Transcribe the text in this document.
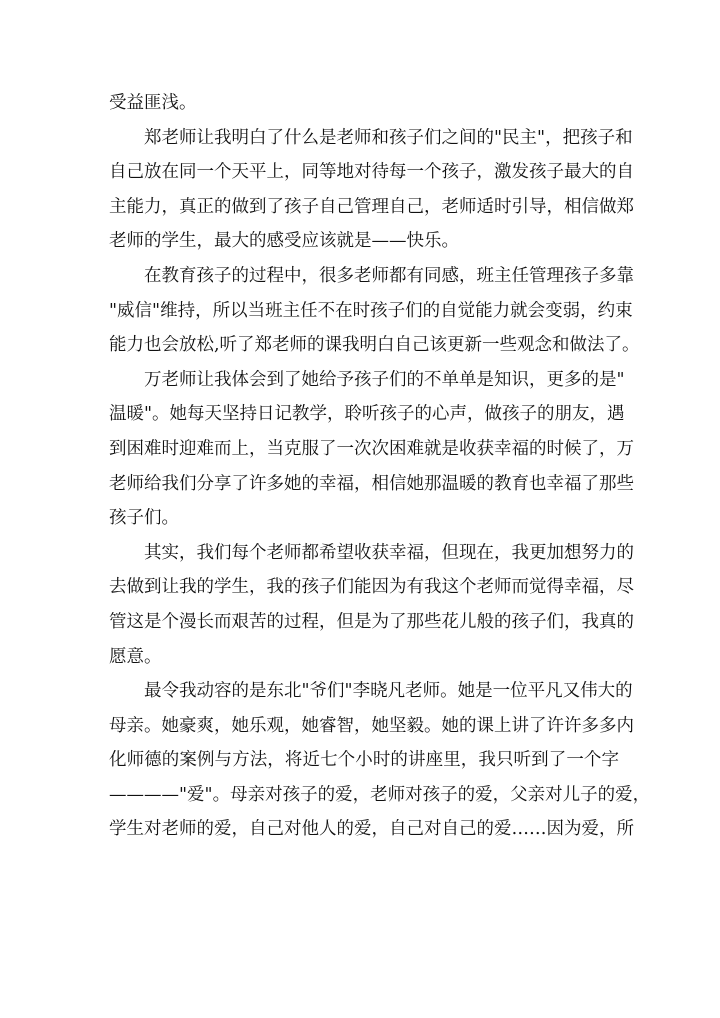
受益匪浅。
郑老师让我明白了什么是老师和孩子们之间的"民主"，把孩子和
自己放在同一个天平上，同等地对待每一个孩子，激发孩子最大的自
主能力，真正的做到了孩子自己管理自己，老师适时引导，相信做郑
老师的学生，最大的感受应该就是——快乐。
在教育孩子的过程中，很多老师都有同感，班主任管理孩子多靠
"威信"维持，所以当班主任不在时孩子们的自觉能力就会变弱，约束
能力也会放松,听了郑老师的课我明白自己该更新一些观念和做法了。
万老师让我体会到了她给予孩子们的不单单是知识，更多的是"
温暖"。她每天坚持日记教学，聆听孩子的心声，做孩子的朋友，遇
到困难时迎难而上，当克服了一次次困难就是收获幸福的时候了，万
老师给我们分享了许多她的幸福，相信她那温暖的教育也幸福了那些
孩子们。
其实，我们每个老师都希望收获幸福，但现在，我更加想努力的
去做到让我的学生，我的孩子们能因为有我这个老师而觉得幸福，尽
管这是个漫长而艰苦的过程，但是为了那些花儿般的孩子们，我真的
愿意。
最令我动容的是东北"爷们"李晓凡老师。她是一位平凡又伟大的
母亲。她豪爽，她乐观，她睿智，她坚毅。她的课上讲了许许多多内
化师德的案例与方法，将近七个小时的讲座里，我只听到了一个字
————"爱"。母亲对孩子的爱，老师对孩子的爱，父亲对儿子的爱，
学生对老师的爱，自己对他人的爱，自己对自己的爱……因为爱，所
